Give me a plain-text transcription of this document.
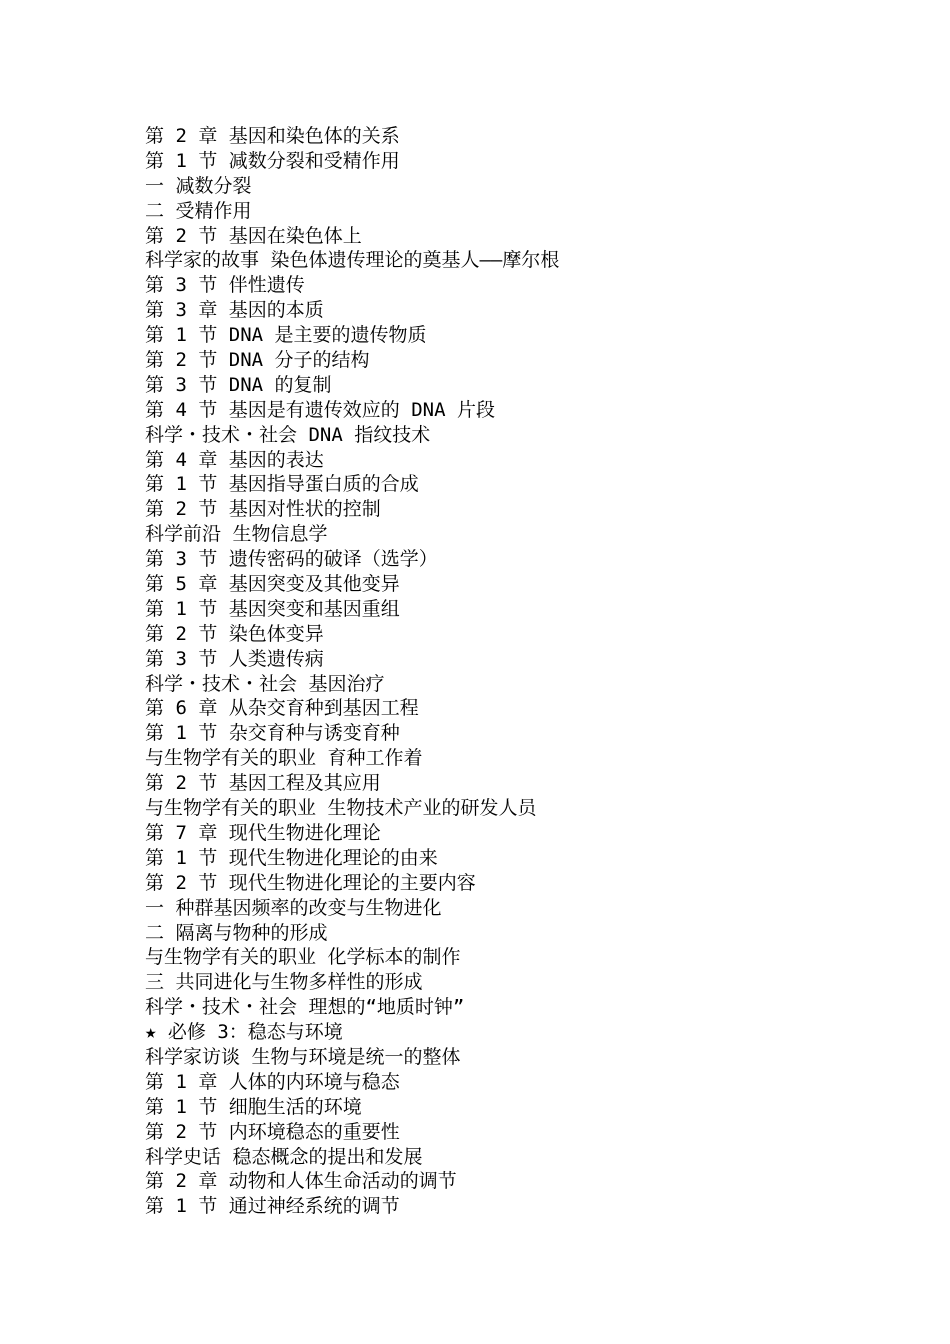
第 2 章 基因和染色体的关系
第 1 节 减数分裂和受精作用
一 减数分裂
二 受精作用
第 2 节 基因在染色体上
科学家的故事 染色体遗传理论的奠基人——摩尔根
第 3 节 伴性遗传
第 3 章 基因的本质
第 1 节 DNA 是主要的遗传物质
第 2 节 DNA 分子的结构
第 3 节 DNA 的复制
第 4 节 基因是有遗传效应的 DNA 片段
科学・技术・社会 DNA 指纹技术
第 4 章 基因的表达
第 1 节 基因指导蛋白质的合成
第 2 节 基因对性状的控制
科学前沿 生物信息学
第 3 节 遗传密码的破译（选学）
第 5 章 基因突变及其他变异
第 1 节 基因突变和基因重组
第 2 节 染色体变异
第 3 节 人类遗传病
科学・技术・社会 基因治疗
第 6 章 从杂交育种到基因工程
第 1 节 杂交育种与诱变育种
与生物学有关的职业 育种工作着
第 2 节 基因工程及其应用
与生物学有关的职业 生物技术产业的研发人员
第 7 章 现代生物进化理论
第 1 节 现代生物进化理论的由来
第 2 节 现代生物进化理论的主要内容
一 种群基因频率的改变与生物进化
二 隔离与物种的形成
与生物学有关的职业 化学标本的制作
三 共同进化与生物多样性的形成
科学・技术・社会 理想的“地质时钟”
★ 必修 3：稳态与环境
科学家访谈 生物与环境是统一的整体
第 1 章 人体的内环境与稳态
第 1 节 细胞生活的环境
第 2 节 内环境稳态的重要性
科学史话 稳态概念的提出和发展
第 2 章 动物和人体生命活动的调节
第 1 节 通过神经系统的调节
